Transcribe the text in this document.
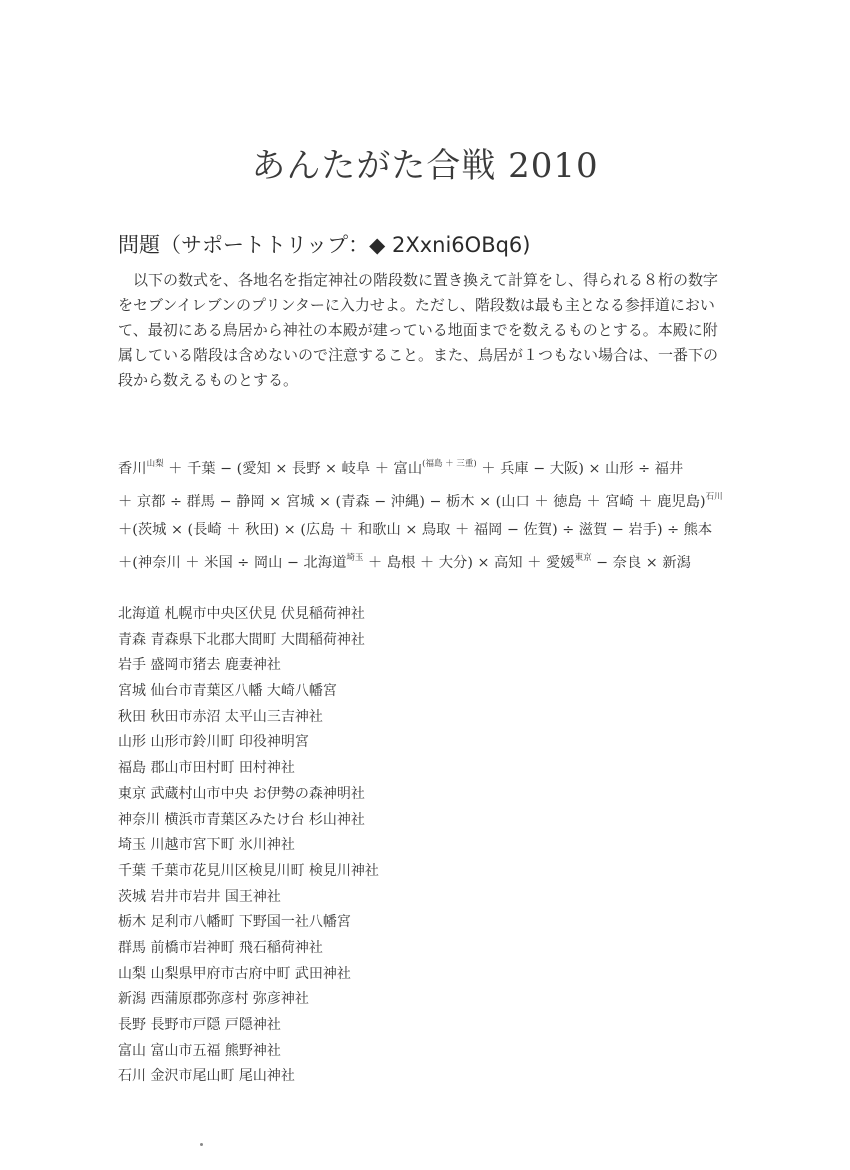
あんたがた合戦 2010
問題（サポートトリップ：◆ 2Xxni6OBq6)
　以下の数式を、各地名を指定神社の階段数に置き換えて計算をし、得られる８桁の数字
をセブンイレブンのプリンターに入力せよ。ただし、階段数は最も主となる参拝道におい
て、最初にある鳥居から神社の本殿が建っている地面までを数えるものとする。本殿に附
属している階段は含めないので注意すること。また、鳥居が１つもない場合は、一番下の
段から数えるものとする。
香川$^{山梨}$ ＋ 千葉 − (愛知 × 長野 × 岐阜 ＋ 富山$^{(福島 + 三重)}$ ＋ 兵庫 − 大阪) × 山形 ÷ 福井
＋ 京都 ÷ 群馬 − 静岡 × 宮城 × (青森 − 沖縄) − 栃木 × (山口 ＋ 徳島 ＋ 宮崎 ＋ 鹿児島)$^{石川}$
＋(茨城 × (長崎 ＋ 秋田) × (広島 ＋ 和歌山 × 鳥取 ＋ 福岡 − 佐賀) ÷ 滋賀 − 岩手) ÷ 熊本
＋(神奈川 ＋ 米国 ÷ 岡山 − 北海道$^{埼玉}$ ＋ 島根 ＋ 大分) × 高知 ＋ 愛媛$^{東京}$ − 奈良 × 新潟
北海道 札幌市中央区伏見 伏見稲荷神社
青森 青森県下北郡大間町 大間稲荷神社
岩手 盛岡市猪去 鹿妻神社
宮城 仙台市青葉区八幡 大崎八幡宮
秋田 秋田市赤沼 太平山三吉神社
山形 山形市鈴川町 印役神明宮
福島 郡山市田村町 田村神社
東京 武蔵村山市中央 お伊勢の森神明社
神奈川 横浜市青葉区みたけ台 杉山神社
埼玉 川越市宮下町 氷川神社
千葉 千葉市花見川区検見川町 検見川神社
茨城 岩井市岩井 国王神社
栃木 足利市八幡町 下野国一社八幡宮
群馬 前橋市岩神町 飛石稲荷神社
山梨 山梨県甲府市古府中町 武田神社
新潟 西蒲原郡弥彦村 弥彦神社
長野 長野市戸隠 戸隠神社
富山 富山市五福 熊野神社
石川 金沢市尾山町 尾山神社
